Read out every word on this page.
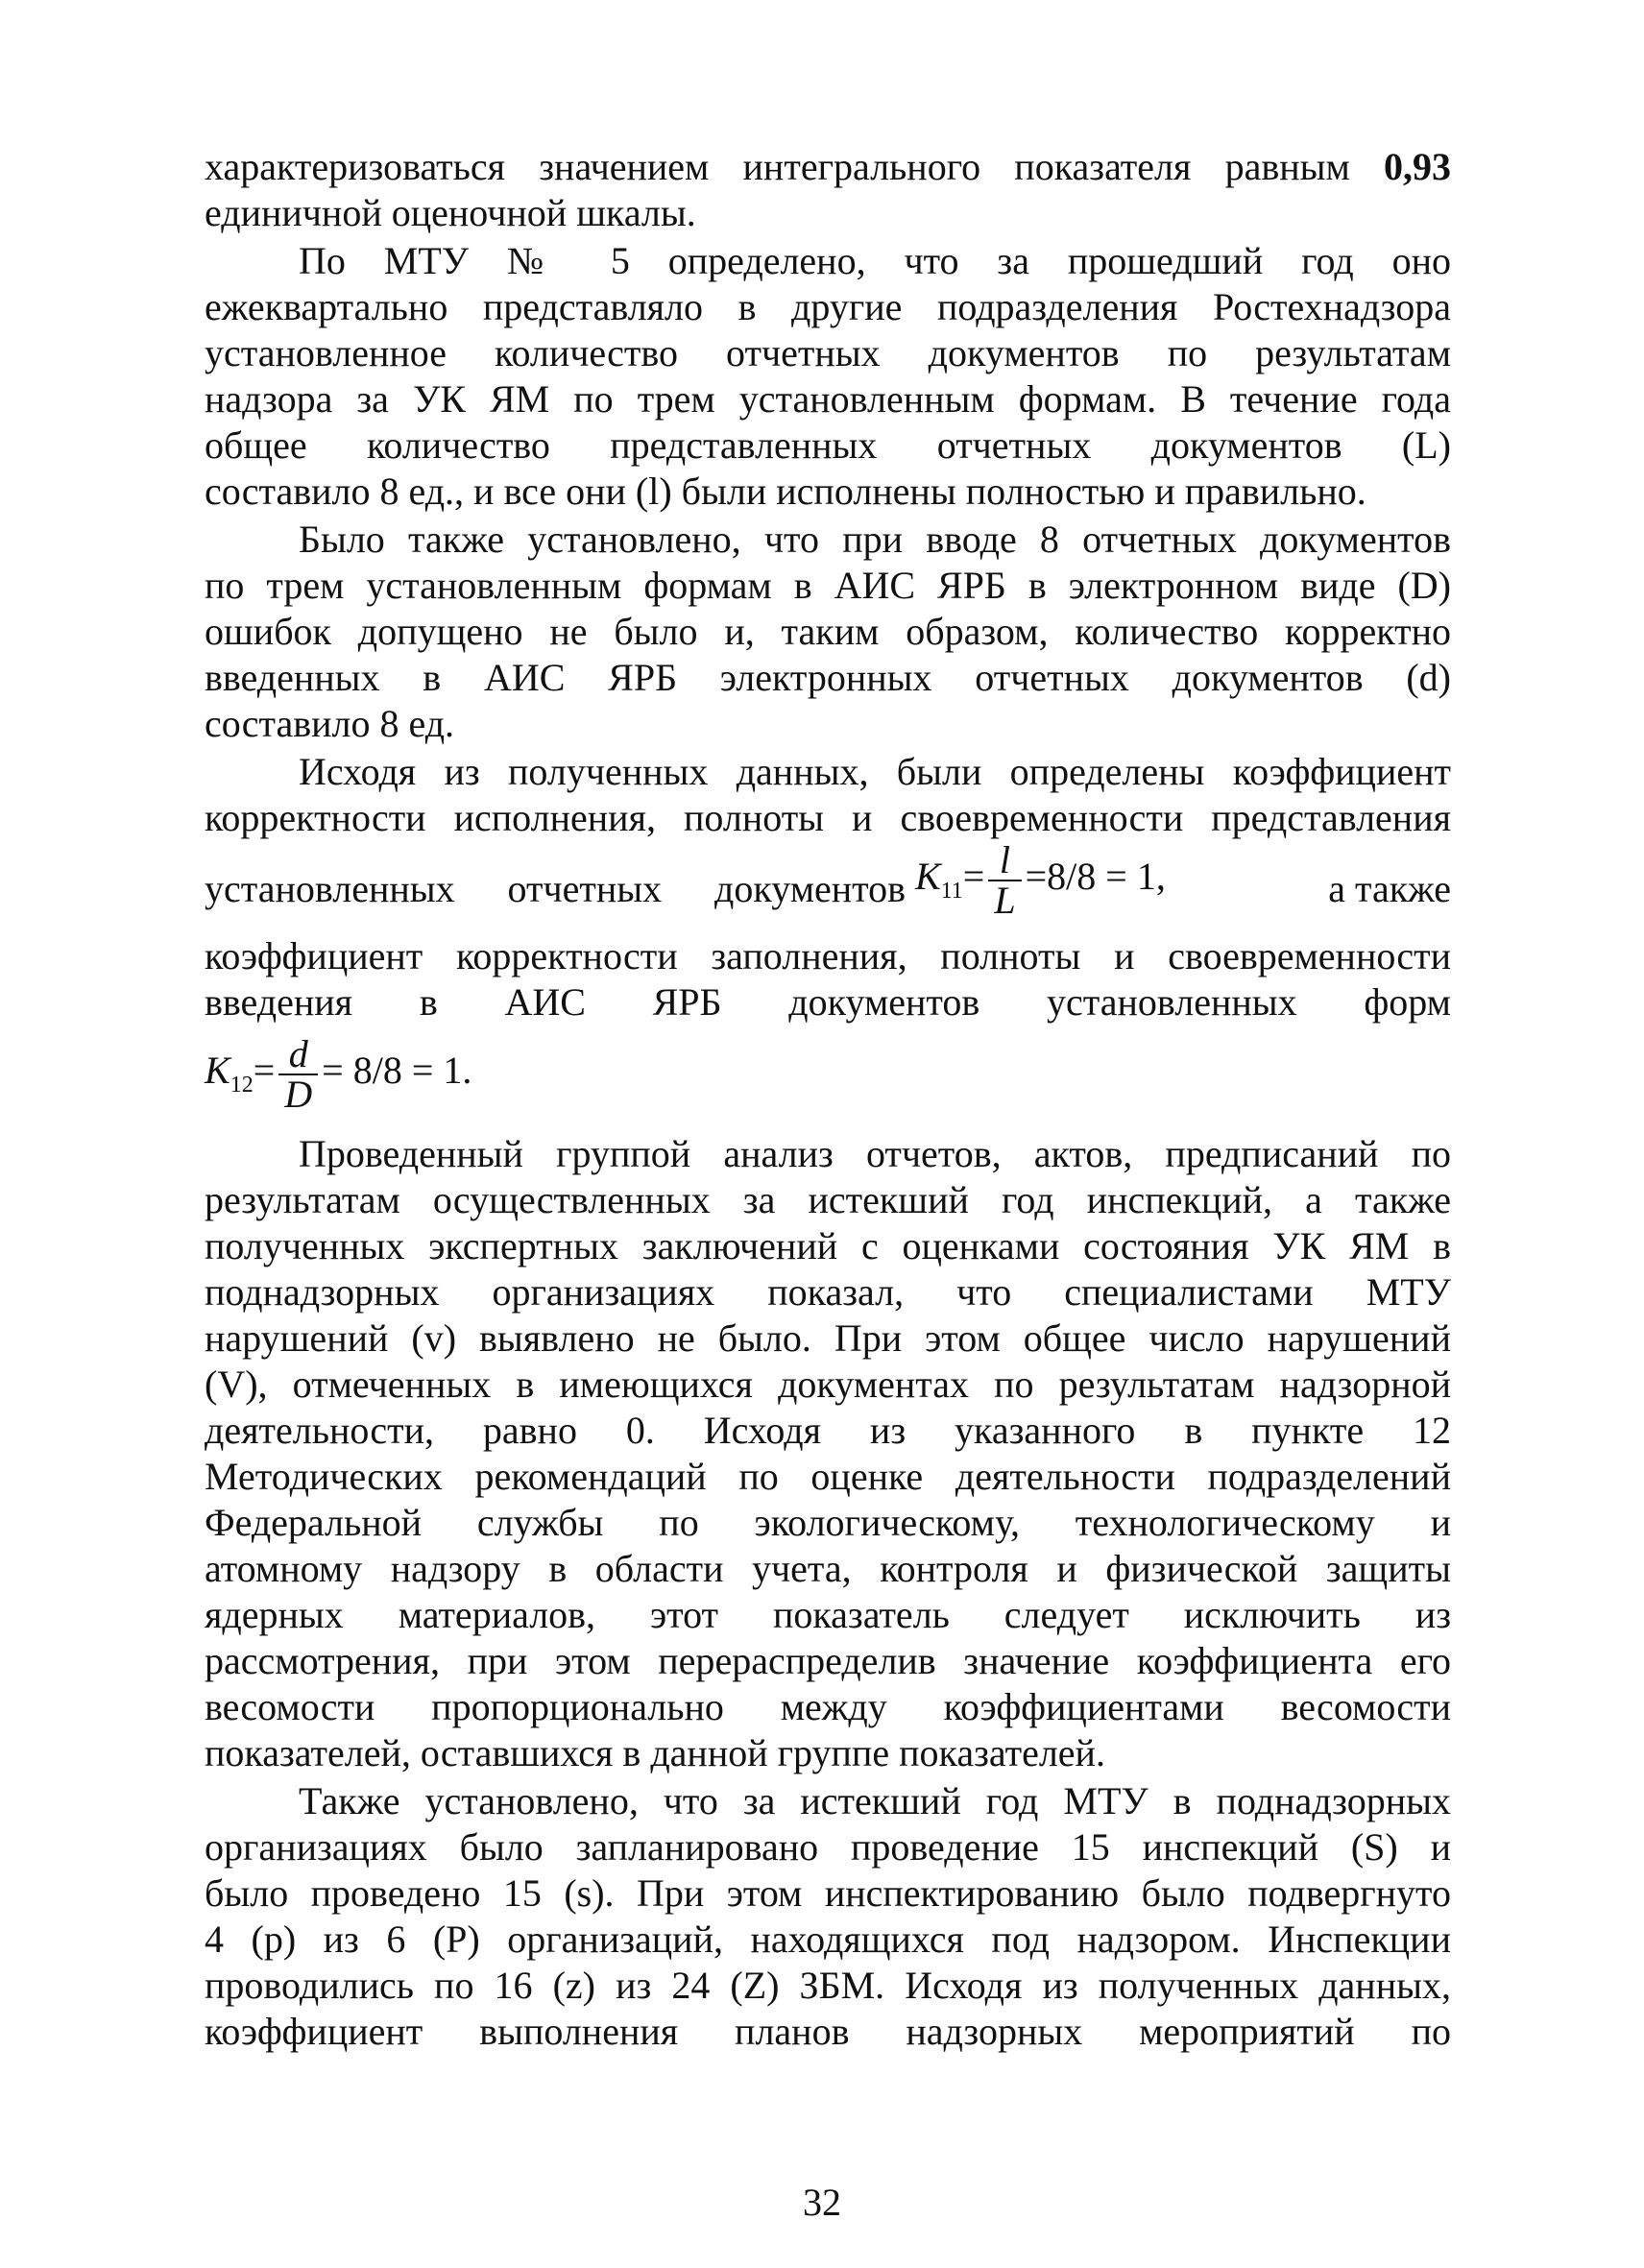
характеризоваться значением интегрального показателя равным 0,93
единичной оценочной шкалы.
По МТУ № 5 определено, что за прошедший год оно
ежеквартально представляло в другие подразделения Ростехнадзора
установленное количество отчетных документов по результатам
надзора за УК ЯМ по трем установленным формам. В течение года
общее количество представленных отчетных документов (L)
составило 8 ед., и все они (l) были исполнены полностью и правильно.
Было также установлено, что при вводе 8 отчетных документов
по трем установленным формам в АИС ЯРБ в электронном виде (D)
ошибок допущено не было и, таким образом, количество корректно
введенных в АИС ЯРБ электронных отчетных документов (d)
составило 8 ед.
Исходя из полученных данных, были определены коэффициент
корректности исполнения, полноты и своевременности представления
установленных отчетных документов $K_{11}= \frac{l}{L} =8/8 = 1$,	а также
коэффициент корректности заполнения, полноты и своевременности
введения в АИС ЯРБ документов установленных форм
$K_{12}= \frac{d}{D} = 8/8 = 1$.
Проведенный группой анализ отчетов, актов, предписаний по
результатам осуществленных за истекший год инспекций, а также
полученных экспертных заключений с оценками состояния УК ЯМ в
поднадзорных организациях показал, что специалистами МТУ
нарушений (v) выявлено не было. При этом общее число нарушений
(V), отмеченных в имеющихся документах по результатам надзорной
деятельности, равно 0. Исходя из указанного в пункте 12
Методических рекомендаций по оценке деятельности подразделений
Федеральной службы по экологическому, технологическому и
атомному надзору в области учета, контроля и физической защиты
ядерных материалов, этот показатель следует исключить из
рассмотрения, при этом перераспределив значение коэффициента его
весомости пропорционально между коэффициентами весомости
показателей, оставшихся в данной группе показателей.
Также установлено, что за истекший год МТУ в поднадзорных
организациях было запланировано проведение 15 инспекций (S) и
было проведено 15 (s). При этом инспектированию было подвергнуто
4 (p) из 6 (P) организаций, находящихся под надзором. Инспекции
проводились по 16 (z) из 24 (Z) ЗБМ. Исходя из полученных данных,
коэффициент выполнения планов надзорных мероприятий по
32
